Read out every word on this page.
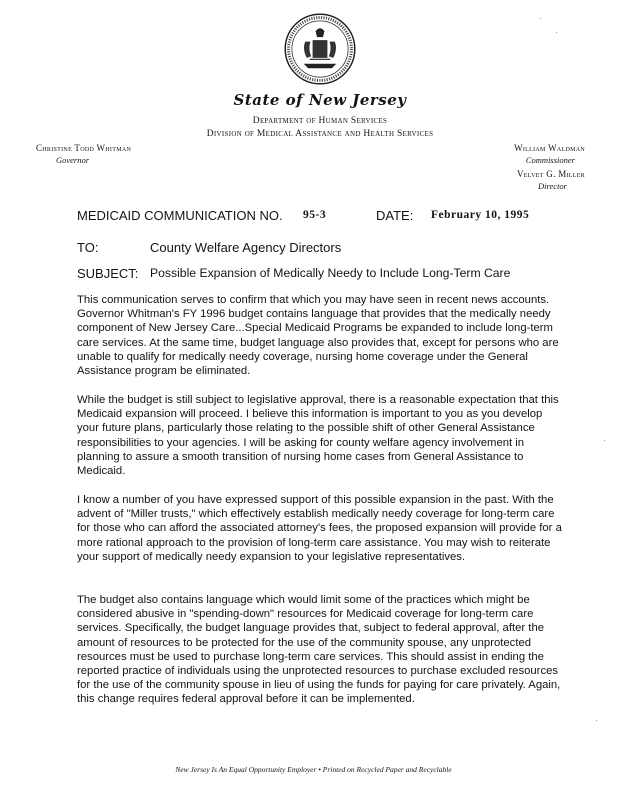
State of New Jersey
Department of Human Services
Division of Medical Assistance and Health Services
Christine Todd Whitman
Governor
William Waldman
Commissioner
Velvet G. Miller
Director
MEDICAID COMMUNICATION NO. 95-3	DATE: February 10, 1995
TO:	County Welfare Agency Directors
SUBJECT: Possible Expansion of Medically Needy to Include Long-Term Care

This communication serves to confirm that which you may have seen in recent news accounts. Governor Whitman's FY 1996 budget contains language that provides that the medically needy component of New Jersey Care...Special Medicaid Programs be expanded to include long-term care services. At the same time, budget language also provides that, except for persons who are unable to qualify for medically needy coverage, nursing home coverage under the General Assistance program be eliminated.

While the budget is still subject to legislative approval, there is a reasonable expectation that this Medicaid expansion will proceed. I believe this information is important to you as you develop your future plans, particularly those relating to the possible shift of other General Assistance responsibilities to your agencies. I will be asking for county welfare agency involvement in planning to assure a smooth transition of nursing home cases from General Assistance to Medicaid.

I know a number of you have expressed support of this possible expansion in the past. With the advent of "Miller trusts," which effectively establish medically needy coverage for long-term care for those who can afford the associated attorney's fees, the proposed expansion will provide for a more rational approach to the provision of long-term care assistance. You may wish to reiterate your support of medically needy expansion to your legislative representatives.

The budget also contains language which would limit some of the practices which might be considered abusive in "spending-down" resources for Medicaid coverage for long-term care services. Specifically, the budget language provides that, subject to federal approval, after the amount of resources to be protected for the use of the community spouse, any unprotected resources must be used to purchase long-term care services. This should assist in ending the reported practice of individuals using the unprotected resources to purchase excluded resources for the use of the community spouse in lieu of using the funds for paying for care privately. Again, this change requires federal approval before it can be implemented.

New Jersey Is An Equal Opportunity Employer • Printed on Recycled Paper and Recyclable
